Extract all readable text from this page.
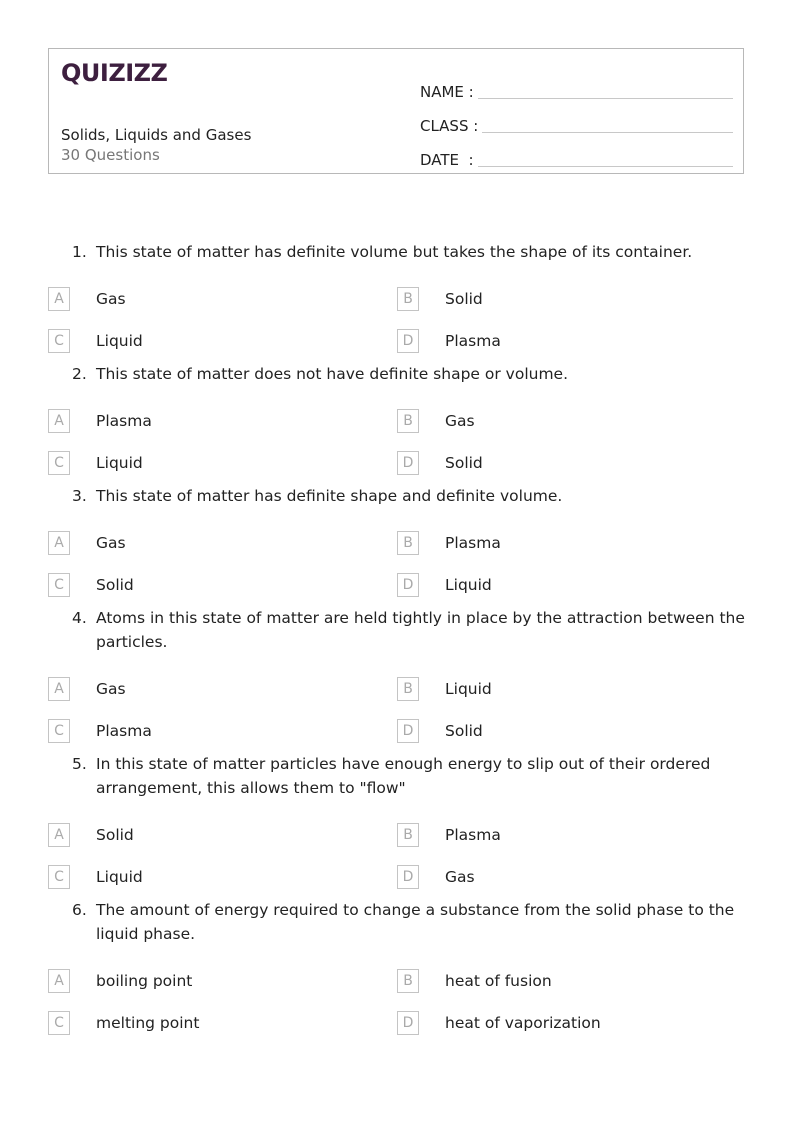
QUIZIZZ
Solids, Liquids and Gases
30 Questions
NAME :
CLASS :
DATE  :
1. This state of matter has definite volume but takes the shape of its container.
A	Gas	B	Solid
C	Liquid	D	Plasma
2. This state of matter does not have definite shape or volume.
A	Plasma	B	Gas
C	Liquid	D	Solid
3. This state of matter has definite shape and definite volume.
A	Gas	B	Plasma
C	Solid	D	Liquid
4. Atoms in this state of matter are held tightly in place by the attraction between the particles.
A	Gas	B	Liquid
C	Plasma	D	Solid
5. In this state of matter particles have enough energy to slip out of their ordered arrangement, this allows them to "flow"
A	Solid	B	Plasma
C	Liquid	D	Gas
6. The amount of energy required to change a substance from the solid phase to the liquid phase.
A	boiling point	B	heat of fusion
C	melting point	D	heat of vaporization
